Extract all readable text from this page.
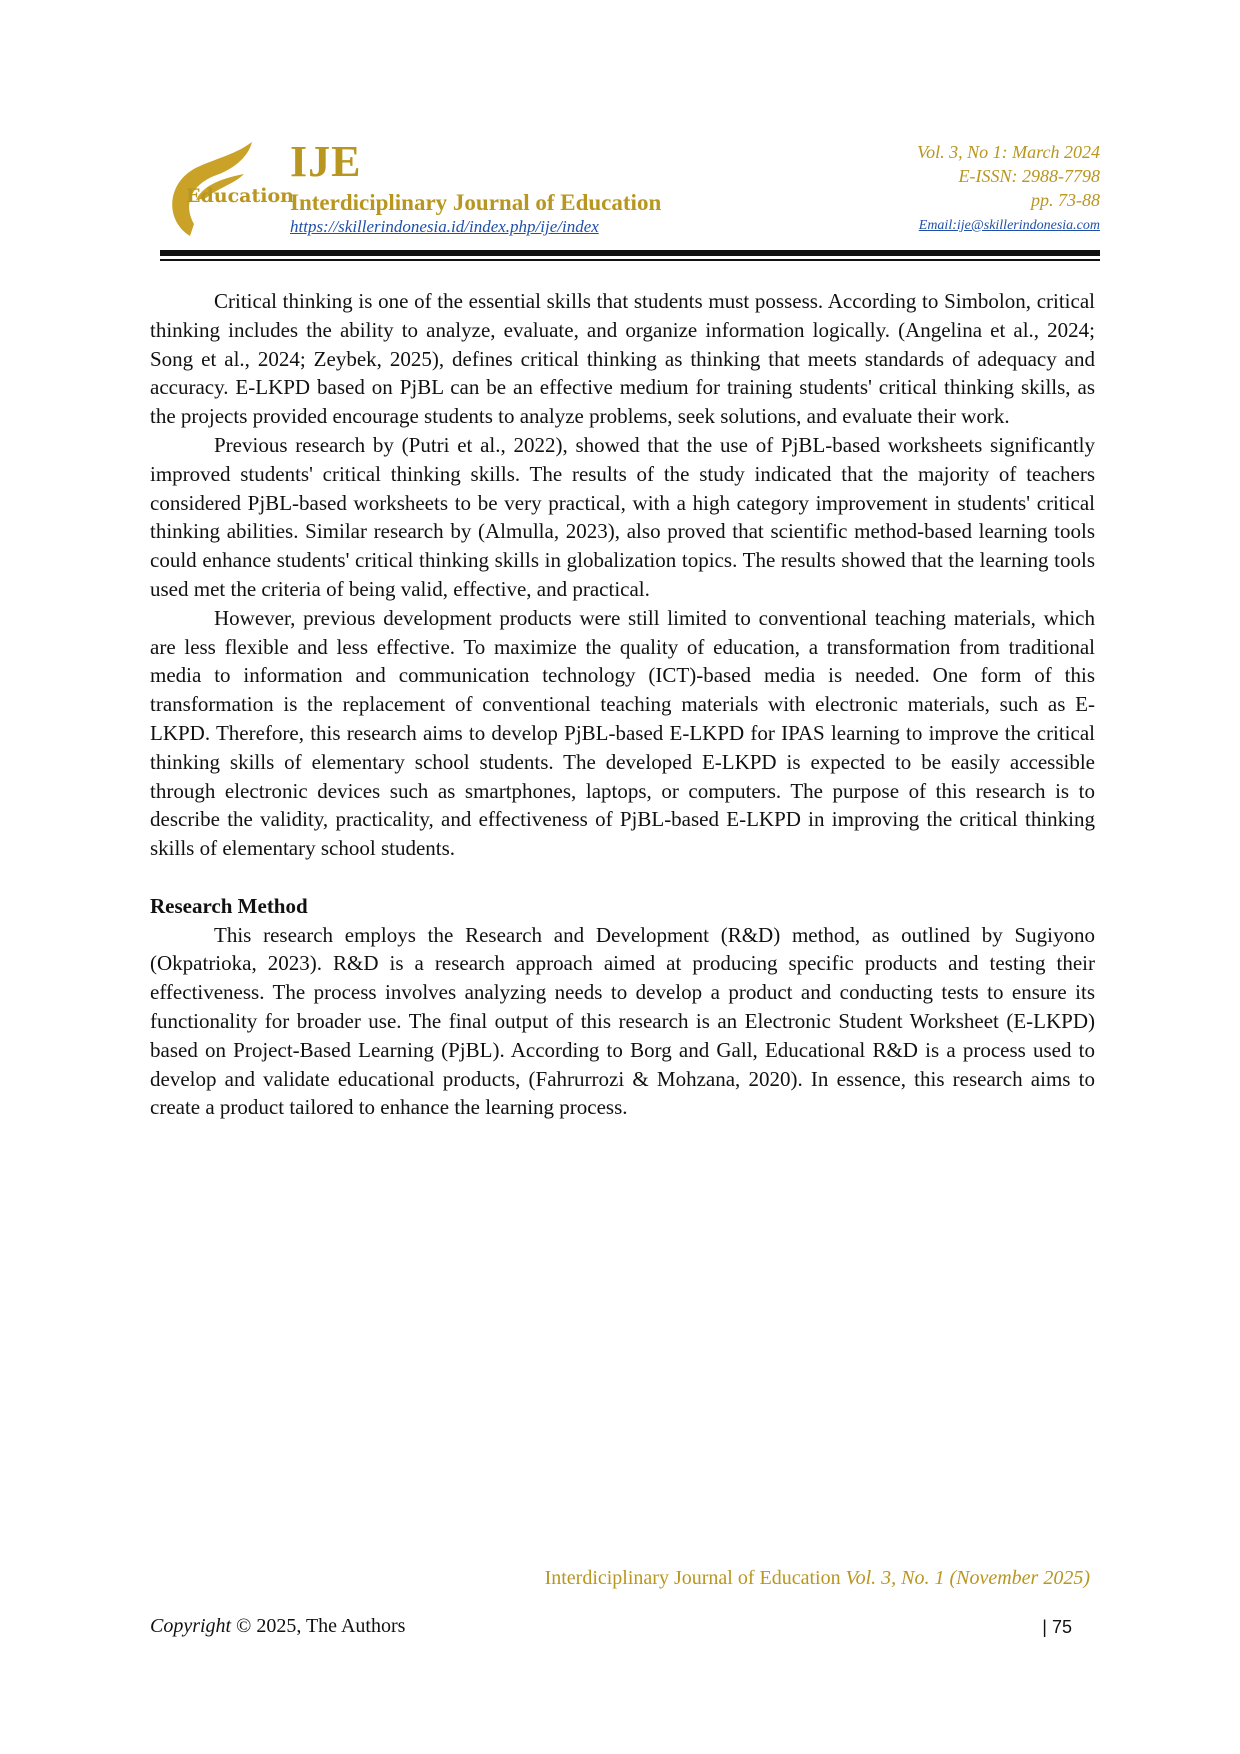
Education
IJE
Interdiciplinary Journal of Education
https://skillerindonesia.id/index.php/ije/index
Vol. 3, No 1: March 2024
E-ISSN: 2988-7798
pp. 73-88
Email:ije@skillerindonesia.com

Critical thinking is one of the essential skills that students must possess. According to Simbolon, critical thinking includes the ability to analyze, evaluate, and organize information logically. (Angelina et al., 2024; Song et al., 2024; Zeybek, 2025), defines critical thinking as thinking that meets standards of adequacy and accuracy. E-LKPD based on PjBL can be an effective medium for training students' critical thinking skills, as the projects provided encourage students to analyze problems, seek solutions, and evaluate their work.

Previous research by (Putri et al., 2022), showed that the use of PjBL-based worksheets significantly improved students' critical thinking skills. The results of the study indicated that the majority of teachers considered PjBL-based worksheets to be very practical, with a high category improvement in students' critical thinking abilities. Similar research by (Almulla, 2023), also proved that scientific method-based learning tools could enhance students' critical thinking skills in globalization topics. The results showed that the learning tools used met the criteria of being valid, effective, and practical.

However, previous development products were still limited to conventional teaching materials, which are less flexible and less effective. To maximize the quality of education, a transformation from traditional media to information and communication technology (ICT)-based media is needed. One form of this transformation is the replacement of conventional teaching materials with electronic materials, such as E-LKPD. Therefore, this research aims to develop PjBL-based E-LKPD for IPAS learning to improve the critical thinking skills of elementary school students. The developed E-LKPD is expected to be easily accessible through electronic devices such as smartphones, laptops, or computers. The purpose of this research is to describe the validity, practicality, and effectiveness of PjBL-based E-LKPD in improving the critical thinking skills of elementary school students.

Research Method

This research employs the Research and Development (R&D) method, as outlined by Sugiyono (Okpatrioka, 2023). R&D is a research approach aimed at producing specific products and testing their effectiveness. The process involves analyzing needs to develop a product and conducting tests to ensure its functionality for broader use. The final output of this research is an Electronic Student Worksheet (E-LKPD) based on Project-Based Learning (PjBL). According to Borg and Gall, Educational R&D is a process used to develop and validate educational products, (Fahrurrozi & Mohzana, 2020). In essence, this research aims to create a product tailored to enhance the learning process.

Interdiciplinary Journal of Education Vol. 3, No. 1 (November 2025)
Copyright © 2025, The Authors	| 75
